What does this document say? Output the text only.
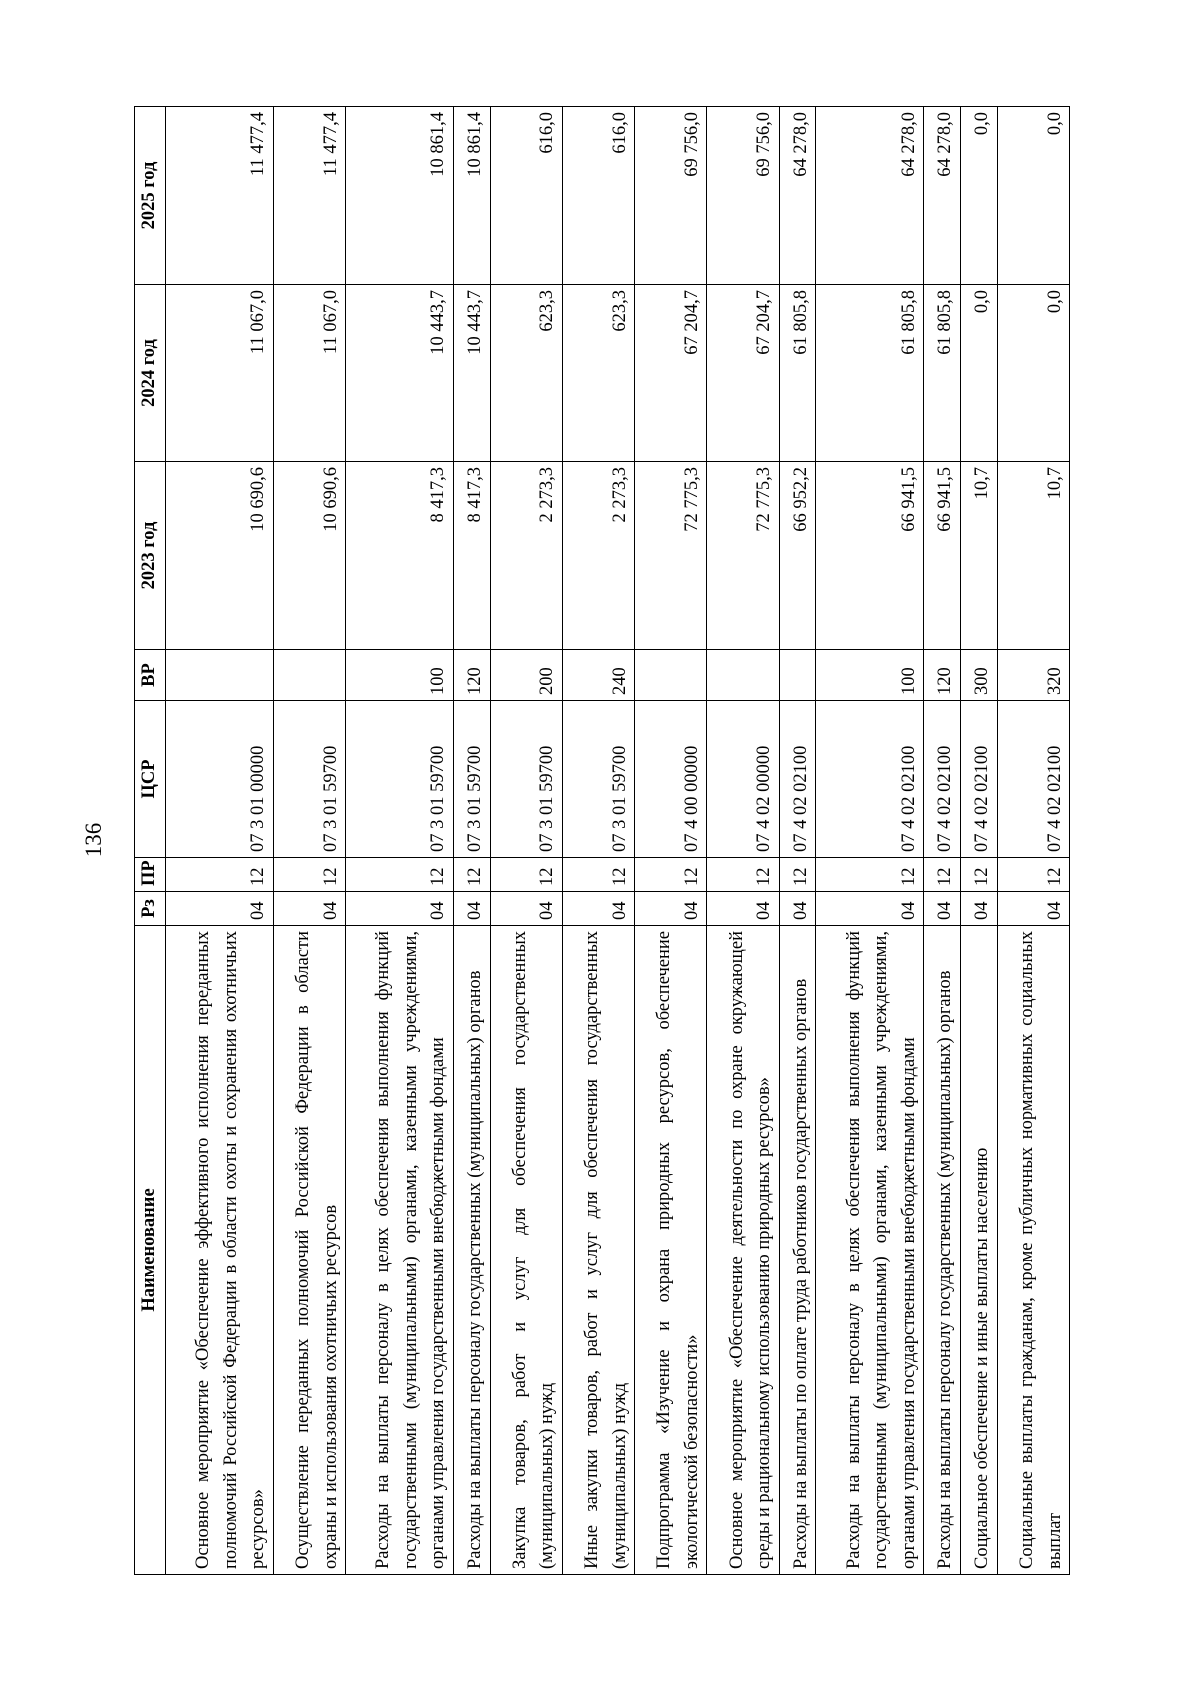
136
Наименование	Рз	ПР	ЦСР	ВР	2023 год	2024 год	2025 год
Основное мероприятие «Обеспечение эффективного исполнения переданных полномочий Российской Федерации в области охоты и сохранения охотничьих ресурсов»	04	12	07 3 01 00000		10 690,6	11 067,0	11 477,4
Осуществление переданных полномочий Российской Федерации в области охраны и использования охотничьих ресурсов	04	12	07 3 01 59700		10 690,6	11 067,0	11 477,4
Расходы на выплаты персоналу в целях обеспечения выполнения функций государственными (муниципальными) органами, казенными учреждениями, органами управления государственными внебюджетными фондами	04	12	07 3 01 59700	100	8 417,3	10 443,7	10 861,4
Расходы на выплаты персоналу государственных (муниципальных) органов	04	12	07 3 01 59700	120	8 417,3	10 443,7	10 861,4
Закупка товаров, работ и услуг для обеспечения государственных (муниципальных) нужд	04	12	07 3 01 59700	200	2 273,3	623,3	616,0
Иные закупки товаров, работ и услуг для обеспечения государственных (муниципальных) нужд	04	12	07 3 01 59700	240	2 273,3	623,3	616,0
Подпрограмма «Изучение и охрана природных ресурсов, обеспечение экологической безопасности»	04	12	07 4 00 00000		72 775,3	67 204,7	69 756,0
Основное мероприятие «Обеспечение деятельности по охране окружающей среды и рациональному использованию природных ресурсов»	04	12	07 4 02 00000		72 775,3	67 204,7	69 756,0
Расходы на выплаты по оплате труда работников государственных органов	04	12	07 4 02 02100		66 952,2	61 805,8	64 278,0
Расходы на выплаты персоналу в целях обеспечения выполнения функций государственными (муниципальными) органами, казенными учреждениями, органами управления государственными внебюджетными фондами	04	12	07 4 02 02100	100	66 941,5	61 805,8	64 278,0
Расходы на выплаты персоналу государственных (муниципальных) органов	04	12	07 4 02 02100	120	66 941,5	61 805,8	64 278,0
Социальное обеспечение и иные выплаты населению	04	12	07 4 02 02100	300	10,7	0,0	0,0
Социальные выплаты гражданам, кроме публичных нормативных социальных выплат	04	12	07 4 02 02100	320	10,7	0,0	0,0
